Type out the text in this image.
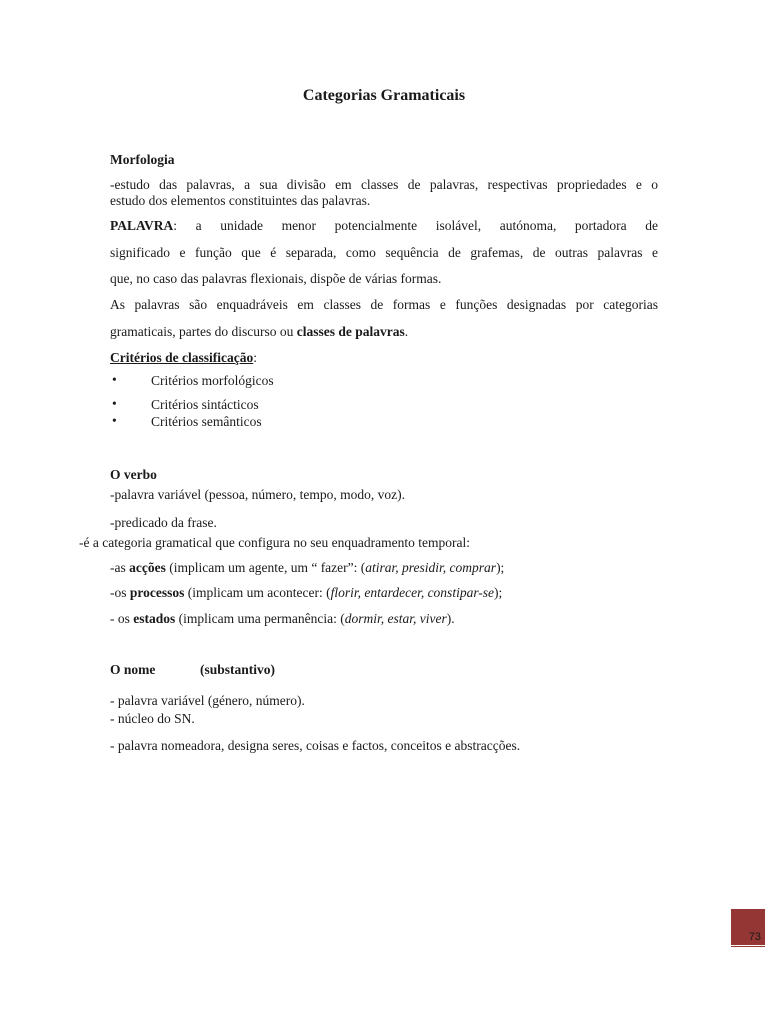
Categorias Gramaticais
Morfologia
-estudo das palavras, a sua divisão em classes de palavras, respectivas propriedades e o
estudo dos elementos constituintes das palavras.
PALAVRA: a unidade menor potencialmente isolável, autónoma, portadora de
significado e função que é separada, como sequência de grafemas, de outras palavras e
que, no caso das palavras flexionais, dispõe de várias formas.
As palavras são enquadráveis em classes de formas e funções designadas por categorias
gramaticais, partes do discurso ou classes de palavras.
Critérios de classificação:
•	Critérios morfológicos
•	Critérios sintácticos
•	Critérios semânticos
O verbo
-palavra variável (pessoa, número, tempo, modo, voz).
-predicado da frase.
-é a categoria gramatical que configura no seu enquadramento temporal:
-as acções (implicam um agente, um “ fazer”: (atirar, presidir, comprar);
-os processos (implicam um acontecer: (florir, entardecer, constipar-se);
- os estados (implicam uma permanência: (dormir, estar, viver).
O nome	(substantivo)
- palavra variável (género, número).
- núcleo do SN.
- palavra nomeadora, designa seres, coisas e factos, conceitos e abstracções.
73
